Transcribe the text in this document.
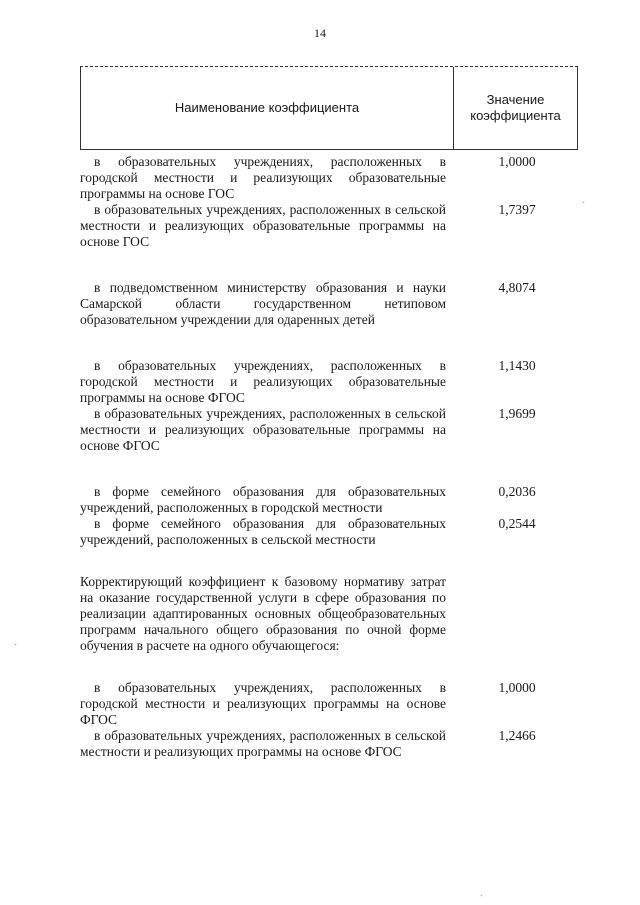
14
Наименование коэффициента
Значение коэффициента
в образовательных учреждениях, расположенных в городской местности и реализующих образовательные программы на основе ГОС
1,0000
в образовательных учреждениях, расположенных в сельской местности и реализующих образовательные программы на основе ГОС
1,7397
в подведомственном министерству образования и науки Самарской области государственном нетиповом образовательном учреждении для одаренных детей
4,8074
в образовательных учреждениях, расположенных в городской местности и реализующих образовательные программы на основе ФГОС
1,1430
в образовательных учреждениях, расположенных в сельской местности и реализующих образовательные программы на основе ФГОС
1,9699
в форме семейного образования для образовательных учреждений, расположенных в городской местности
0,2036
в форме семейного образования для образовательных учреждений, расположенных в сельской местности
0,2544
Корректирующий коэффициент к базовому нормативу затрат на оказание государственной услуги в сфере образования по реализации адаптированных основных общеобразовательных программ начального общего образования по очной форме обучения в расчете на одного обучающегося:
в образовательных учреждениях, расположенных в городской местности и реализующих программы на основе ФГОС
1,0000
в образовательных учреждениях, расположенных в сельской местности и реализующих программы на основе ФГОС
1,2466
·
·
ˎ
